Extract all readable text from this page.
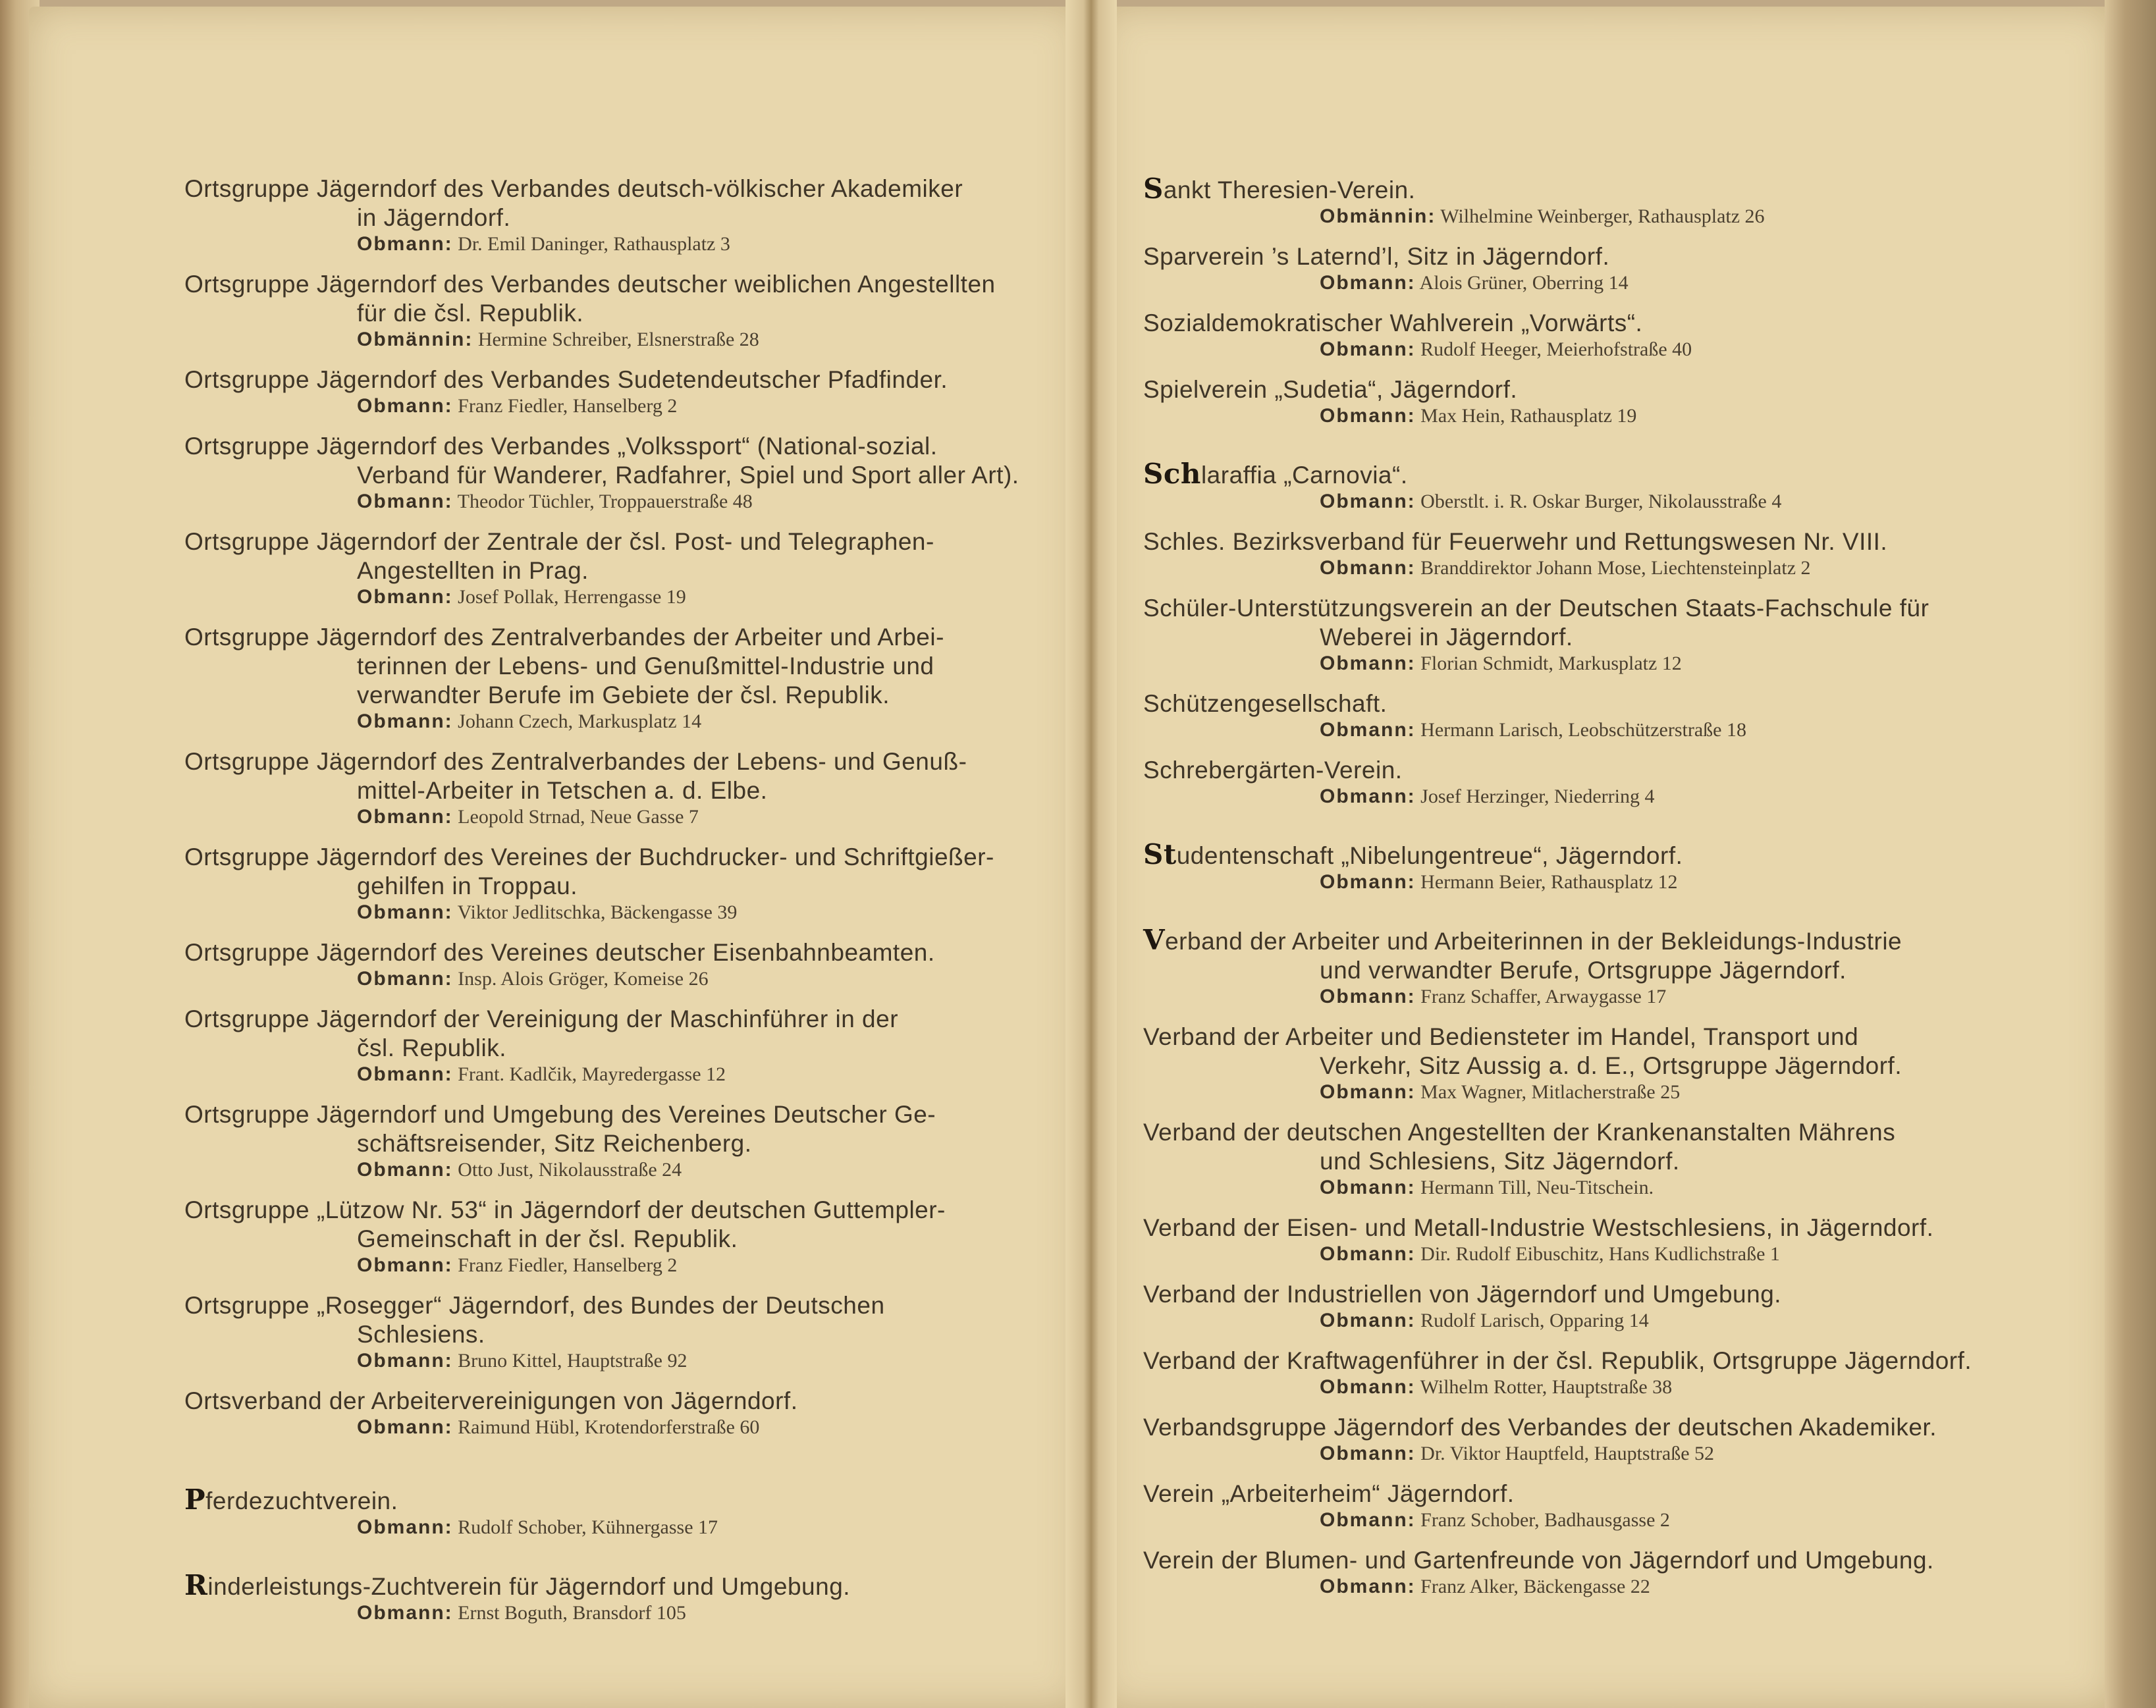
Ortsgruppe Jägerndorf des Verbandes deutsch-völkischer Akademiker
in Jägerndorf.
Obmann: Dr. Emil Daninger, Rathausplatz 3
Ortsgruppe Jägerndorf des Verbandes deutscher weiblichen Angestellten
für die čsl. Republik.
Obmännin: Hermine Schreiber, Elsnerstraße 28
Ortsgruppe Jägerndorf des Verbandes Sudetendeutscher Pfadfinder.
Obmann: Franz Fiedler, Hanselberg 2
Ortsgruppe Jägerndorf des Verbandes „Volkssport“ (National-sozial.
Verband für Wanderer, Radfahrer, Spiel und Sport aller Art).
Obmann: Theodor Tüchler, Troppauerstraße 48
Ortsgruppe Jägerndorf der Zentrale der čsl. Post- und Telegraphen-
Angestellten in Prag.
Obmann: Josef Pollak, Herrengasse 19
Ortsgruppe Jägerndorf des Zentralverbandes der Arbeiter und Arbei-
terinnen der Lebens- und Genußmittel-Industrie und
verwandter Berufe im Gebiete der čsl. Republik.
Obmann: Johann Czech, Markusplatz 14
Ortsgruppe Jägerndorf des Zentralverbandes der Lebens- und Genuß-
mittel-Arbeiter in Tetschen a. d. Elbe.
Obmann: Leopold Strnad, Neue Gasse 7
Ortsgruppe Jägerndorf des Vereines der Buchdrucker- und Schriftgießer-
gehilfen in Troppau.
Obmann: Viktor Jedlitschka, Bäckengasse 39
Ortsgruppe Jägerndorf des Vereines deutscher Eisenbahnbeamten.
Obmann: Insp. Alois Gröger, Komeise 26
Ortsgruppe Jägerndorf der Vereinigung der Maschinführer in der
čsl. Republik.
Obmann: Frant. Kadlčik, Mayredergasse 12
Ortsgruppe Jägerndorf und Umgebung des Vereines Deutscher Ge-
schäftsreisender, Sitz Reichenberg.
Obmann: Otto Just, Nikolausstraße 24
Ortsgruppe „Lützow Nr. 53“ in Jägerndorf der deutschen Guttempler-
Gemeinschaft in der čsl. Republik.
Obmann: Franz Fiedler, Hanselberg 2
Ortsgruppe „Rosegger“ Jägerndorf, des Bundes der Deutschen
Schlesiens.
Obmann: Bruno Kittel, Hauptstraße 92
Ortsverband der Arbeitervereinigungen von Jägerndorf.
Obmann: Raimund Hübl, Krotendorferstraße 60
Pferdezuchtverein.
Obmann: Rudolf Schober, Kühnergasse 17
Rinderleistungs-Zuchtverein für Jägerndorf und Umgebung.
Obmann: Ernst Boguth, Bransdorf 105
Sankt Theresien-Verein.
Obmännin: Wilhelmine Weinberger, Rathausplatz 26
Sparverein ’s Laternd’l, Sitz in Jägerndorf.
Obmann: Alois Grüner, Oberring 14
Sozialdemokratischer Wahlverein „Vorwärts“.
Obmann: Rudolf Heeger, Meierhofstraße 40
Spielverein „Sudetia“, Jägerndorf.
Obmann: Max Hein, Rathausplatz 19
Schlaraffia „Carnovia“.
Obmann: Oberstlt. i. R. Oskar Burger, Nikolausstraße 4
Schles. Bezirksverband für Feuerwehr und Rettungswesen Nr. VIII.
Obmann: Branddirektor Johann Mose, Liechtensteinplatz 2
Schüler-Unterstützungsverein an der Deutschen Staats-Fachschule für
Weberei in Jägerndorf.
Obmann: Florian Schmidt, Markusplatz 12
Schützengesellschaft.
Obmann: Hermann Larisch, Leobschützerstraße 18
Schrebergärten-Verein.
Obmann: Josef Herzinger, Niederring 4
Studentenschaft „Nibelungentreue“, Jägerndorf.
Obmann: Hermann Beier, Rathausplatz 12
Verband der Arbeiter und Arbeiterinnen in der Bekleidungs-Industrie
und verwandter Berufe, Ortsgruppe Jägerndorf.
Obmann: Franz Schaffer, Arwaygasse 17
Verband der Arbeiter und Bediensteter im Handel, Transport und
Verkehr, Sitz Aussig a. d. E., Ortsgruppe Jägerndorf.
Obmann: Max Wagner, Mitlacherstraße 25
Verband der deutschen Angestellten der Krankenanstalten Mährens
und Schlesiens, Sitz Jägerndorf.
Obmann: Hermann Till, Neu-Titschein.
Verband der Eisen- und Metall-Industrie Westschlesiens, in Jägerndorf.
Obmann: Dir. Rudolf Eibuschitz, Hans Kudlichstraße 1
Verband der Industriellen von Jägerndorf und Umgebung.
Obmann: Rudolf Larisch, Opparing 14
Verband der Kraftwagenführer in der čsl. Republik, Ortsgruppe Jägerndorf.
Obmann: Wilhelm Rotter, Hauptstraße 38
Verbandsgruppe Jägerndorf des Verbandes der deutschen Akademiker.
Obmann: Dr. Viktor Hauptfeld, Hauptstraße 52
Verein „Arbeiterheim“ Jägerndorf.
Obmann: Franz Schober, Badhausgasse 2
Verein der Blumen- und Gartenfreunde von Jägerndorf und Umgebung.
Obmann: Franz Alker, Bäckengasse 22
